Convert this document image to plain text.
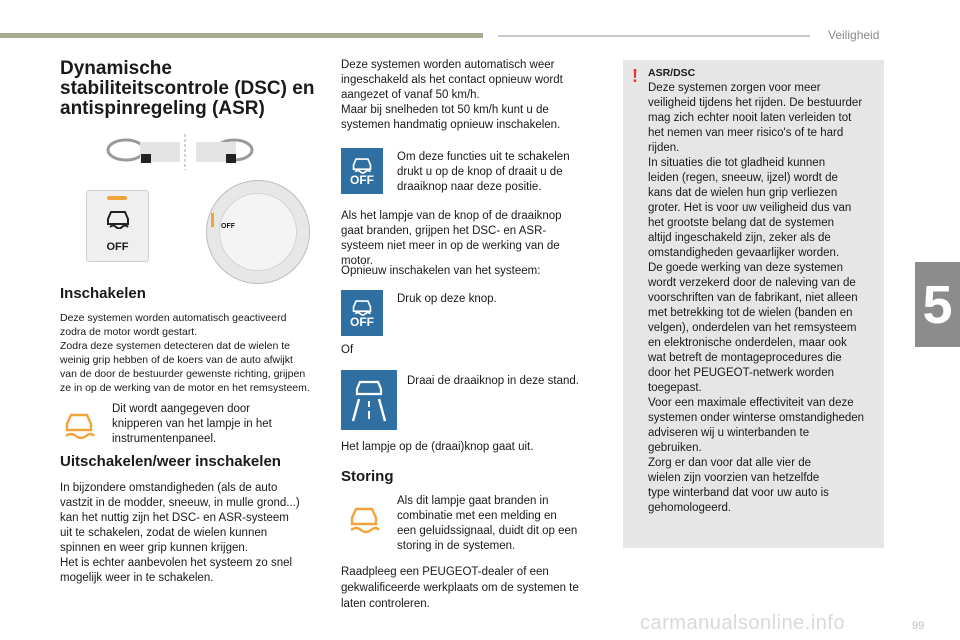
Veiligheid
5
Dynamische
stabiliteitscontrole (DSC) en
antispinregeling (ASR)
OFF
OFF
Inschakelen
Deze systemen worden automatisch geactiveerd
zodra de motor wordt gestart.
Zodra deze systemen detecteren dat de wielen te
weinig grip hebben of de koers van de auto afwijkt
van de door de bestuurder gewenste richting, grijpen
ze in op de werking van de motor en het remsysteem.
Dit wordt aangegeven door
knipperen van het lampje in het
instrumentenpaneel.
Uitschakelen/weer inschakelen
In bijzondere omstandigheden (als de auto
vastzit in de modder, sneeuw, in mulle grond...)
kan het nuttig zijn het DSC- en ASR-systeem
uit te schakelen, zodat de wielen kunnen
spinnen en weer grip kunnen krijgen.
Het is echter aanbevolen het systeem zo snel
mogelijk weer in te schakelen.
Deze systemen worden automatisch weer
ingeschakeld als het contact opnieuw wordt
aangezet of vanaf 50 km/h.
Maar bij snelheden tot 50 km/h kunt u de
systemen handmatig opnieuw inschakelen.
OFF
Om deze functies uit te schakelen
drukt u op de knop of draait u de
draaiknop naar deze positie.
Als het lampje van de knop of de draaiknop
gaat branden, grijpen het DSC- en ASR-
systeem niet meer in op de werking van de
motor.
Opnieuw inschakelen van het systeem:
OFF
Druk op deze knop.
Of
Draai de draaiknop in deze stand.
Het lampje op de (draai)knop gaat uit.
Storing
Als dit lampje gaat branden in
combinatie met een melding en
een geluidssignaal, duidt dit op een
storing in de systemen.
Raadpleeg een PEUGEOT-dealer of een
gekwalificeerde werkplaats om de systemen te
laten controleren.
! ASR/DSC
Deze systemen zorgen voor meer
veiligheid tijdens het rijden. De bestuurder
mag zich echter nooit laten verleiden tot
het nemen van meer risico's of te hard
rijden.
In situaties die tot gladheid kunnen
leiden (regen, sneeuw, ijzel) wordt de
kans dat de wielen hun grip verliezen
groter. Het is voor uw veiligheid dus van
het grootste belang dat de systemen
altijd ingeschakeld zijn, zeker als de
omstandigheden gevaarlijker worden.
De goede werking van deze systemen
wordt verzekerd door de naleving van de
voorschriften van de fabrikant, niet alleen
met betrekking tot de wielen (banden en
velgen), onderdelen van het remsysteem
en elektronische onderdelen, maar ook
wat betreft de montageprocedures die
door het PEUGEOT-netwerk worden
toegepast.
Voor een maximale effectiviteit van deze
systemen onder winterse omstandigheden
adviseren wij u winterbanden te
gebruiken.
Zorg er dan voor dat alle vier de
wielen zijn voorzien van hetzelfde
type winterband dat voor uw auto is
gehomologeerd.
carmanualsonline.info	99
